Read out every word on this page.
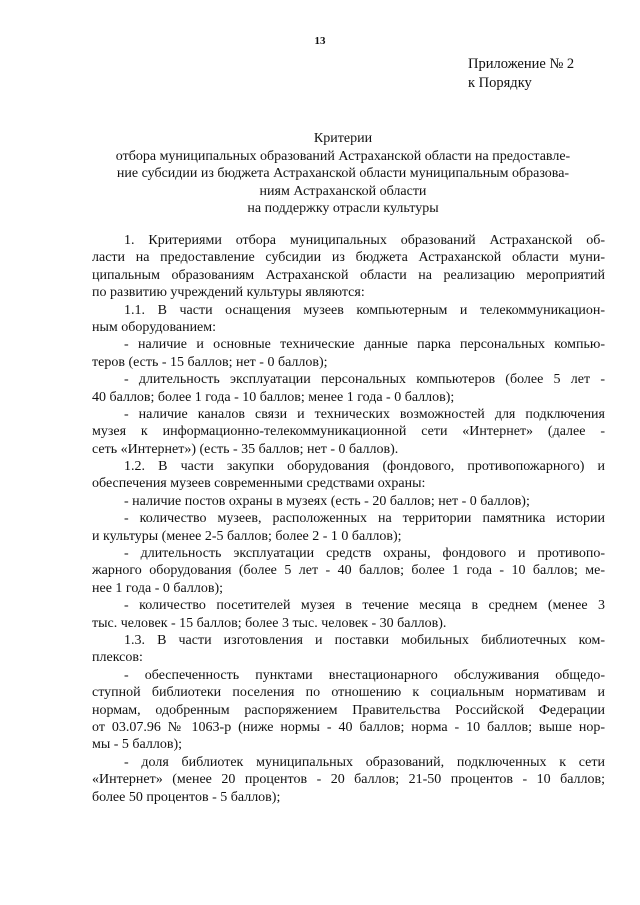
13
Приложение № 2
к Порядку
Критерии
отбора муниципальных образований Астраханской области на предоставле-
ние субсидии из бюджета Астраханской области муниципальным образова-
ниям Астраханской области
на поддержку отрасли культуры
1. Критериями отбора муниципальных образований Астраханской об-
ласти на предоставление субсидии из бюджета Астраханской области муни-
ципальным образованиям Астраханской области на реализацию мероприятий
по развитию учреждений культуры являются:
1.1. В части оснащения музеев компьютерным и телекоммуникацион-
ным оборудованием:
- наличие и основные технические данные парка персональных компью-
теров (есть - 15 баллов; нет - 0 баллов);
- длительность эксплуатации персональных компьютеров (более 5 лет -
40 баллов; более 1 года - 10 баллов; менее 1 года - 0 баллов);
- наличие каналов связи и технических возможностей для подключения
музея к информационно-телекоммуникационной сети «Интернет» (далее -
сеть «Интернет») (есть - 35 баллов; нет - 0 баллов).
1.2. В части закупки оборудования (фондового, противопожарного) и
обеспечения музеев современными средствами охраны:
- наличие постов охраны в музеях (есть - 20 баллов; нет - 0 баллов);
- количество музеев, расположенных на территории памятника истории
и культуры (менее 2-5 баллов; более 2 - 1 0 баллов);
- длительность эксплуатации средств охраны, фондового и противопо-
жарного оборудования (более 5 лет - 40 баллов; более 1 года - 10 баллов; ме-
нее 1 года - 0 баллов);
- количество посетителей музея в течение месяца в среднем (менее 3
тыс. человек - 15 баллов; более 3 тыс. человек - 30 баллов).
1.3. В части изготовления и поставки мобильных библиотечных ком-
плексов:
- обеспеченность пунктами внестационарного обслуживания общедо-
ступной библиотеки поселения по отношению к социальным нормативам и
нормам, одобренным распоряжением Правительства Российской Федерации
от 03.07.96 № 1063-р (ниже нормы - 40 баллов; норма - 10 баллов; выше нор-
мы - 5 баллов);
- доля библиотек муниципальных образований, подключенных к сети
«Интернет» (менее 20 процентов - 20 баллов; 21-50 процентов - 10 баллов;
более 50 процентов - 5 баллов);
